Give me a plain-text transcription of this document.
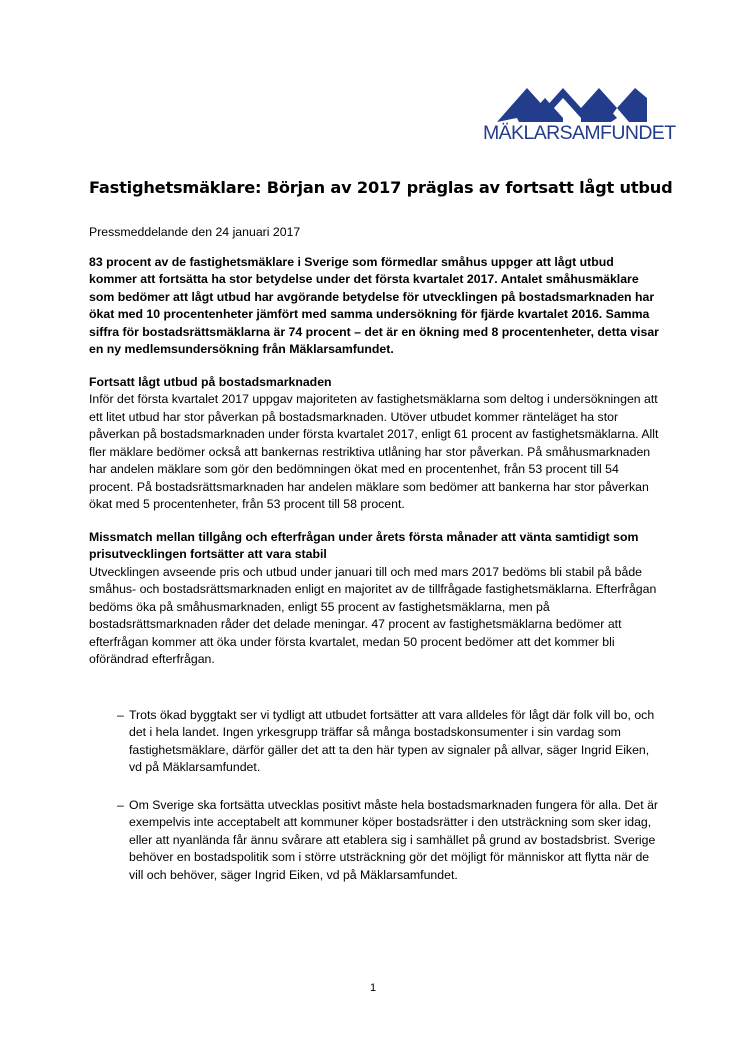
MÄKLARSAMFUNDET
Fastighetsmäklare: Början av 2017 präglas av fortsatt lågt utbud

Pressmeddelande den 24 januari 2017

83 procent av de fastighetsmäklare i Sverige som förmedlar småhus uppger att lågt utbud kommer att fortsätta ha stor betydelse under det första kvartalet 2017. Antalet småhusmäklare som bedömer att lågt utbud har avgörande betydelse för utvecklingen på bostadsmarknaden har ökat med 10 procentenheter jämfört med samma undersökning för fjärde kvartalet 2016. Samma siffra för bostadsrättsmäklarna är 74 procent – det är en ökning med 8 procentenheter, detta visar en ny medlemsundersökning från Mäklarsamfundet.

Fortsatt lågt utbud på bostadsmarknaden

Inför det första kvartalet 2017 uppgav majoriteten av fastighetsmäklarna som deltog i undersökningen att ett litet utbud har stor påverkan på bostadsmarknaden. Utöver utbudet kommer ränteläget ha stor påverkan på bostadsmarknaden under första kvartalet 2017, enligt 61 procent av fastighetsmäklarna. Allt fler mäklare bedömer också att bankernas restriktiva utlåning har stor påverkan. På småhusmarknaden har andelen mäklare som gör den bedömningen ökat med en procentenhet, från 53 procent till 54 procent. På bostadsrättsmarknaden har andelen mäklare som bedömer att bankerna har stor påverkan ökat med 5 procentenheter, från 53 procent till 58 procent.

Missmatch mellan tillgång och efterfrågan under årets första månader att vänta samtidigt som prisutvecklingen fortsätter att vara stabil

Utvecklingen avseende pris och utbud under januari till och med mars 2017 bedöms bli stabil på både småhus- och bostadsrättsmarknaden enligt en majoritet av de tillfrågade fastighetsmäklarna. Efterfrågan bedöms öka på småhusmarknaden, enligt 55 procent av fastighetsmäklarna, men på bostadsrättsmarknaden råder det delade meningar. 47 procent av fastighetsmäklarna bedömer att efterfrågan kommer att öka under första kvartalet, medan 50 procent bedömer att det kommer bli oförändrad efterfrågan.

– Trots ökad byggtakt ser vi tydligt att utbudet fortsätter att vara alldeles för lågt där folk vill bo, och det i hela landet. Ingen yrkesgrupp träffar så många bostadskonsumenter i sin vardag som fastighetsmäklare, därför gäller det att ta den här typen av signaler på allvar, säger Ingrid Eiken, vd på Mäklarsamfundet.

– Om Sverige ska fortsätta utvecklas positivt måste hela bostadsmarknaden fungera för alla. Det är exempelvis inte acceptabelt att kommuner köper bostadsrätter i den utsträckning som sker idag, eller att nyanlända får ännu svårare att etablera sig i samhället på grund av bostadsbrist. Sverige behöver en bostadspolitik som i större utsträckning gör det möjligt för människor att flytta när de vill och behöver, säger Ingrid Eiken, vd på Mäklarsamfundet.

1
